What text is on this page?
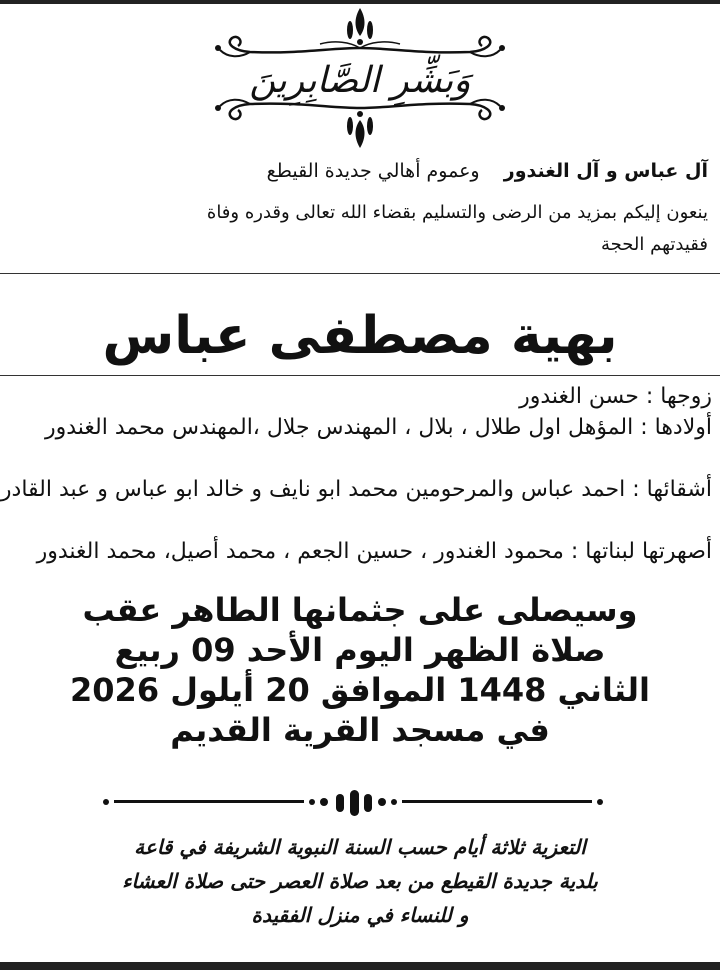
وَبَشِّرِ الصَّابِرِينَ
آل عباس و آل الغندور    وعموم أهالي جديدة القيطع
ينعون إليكم بمزيد من الرضى والتسليم بقضاء الله تعالى وقدره وفاة
فقيدتهم الحجة
بهية مصطفى عباس
زوجها : حسن الغندور
أولادها : المؤهل اول طلال ، بلال ، المهندس جلال ،المهندس محمد الغندور
أشقائها : احمد عباس والمرحومين محمد ابو نايف و خالد ابو عباس و عبد القادر
أصهرتها لبناتها : محمود الغندور ، حسين الجعم ، محمد أصيل، محمد الغندور
وسيصلى على جثمانها الطاهر عقب
صلاة الظهر اليوم الأحد 09 ربيع
الثاني 1448 الموافق 20 أيلول 2026
في مسجد القرية القديم
التعزية ثلاثة أيام حسب السنة النبوية الشريفة في قاعة
بلدية جديدة القيطع من بعد صلاة العصر حتى صلاة العشاء
و للنساء في منزل الفقيدة
